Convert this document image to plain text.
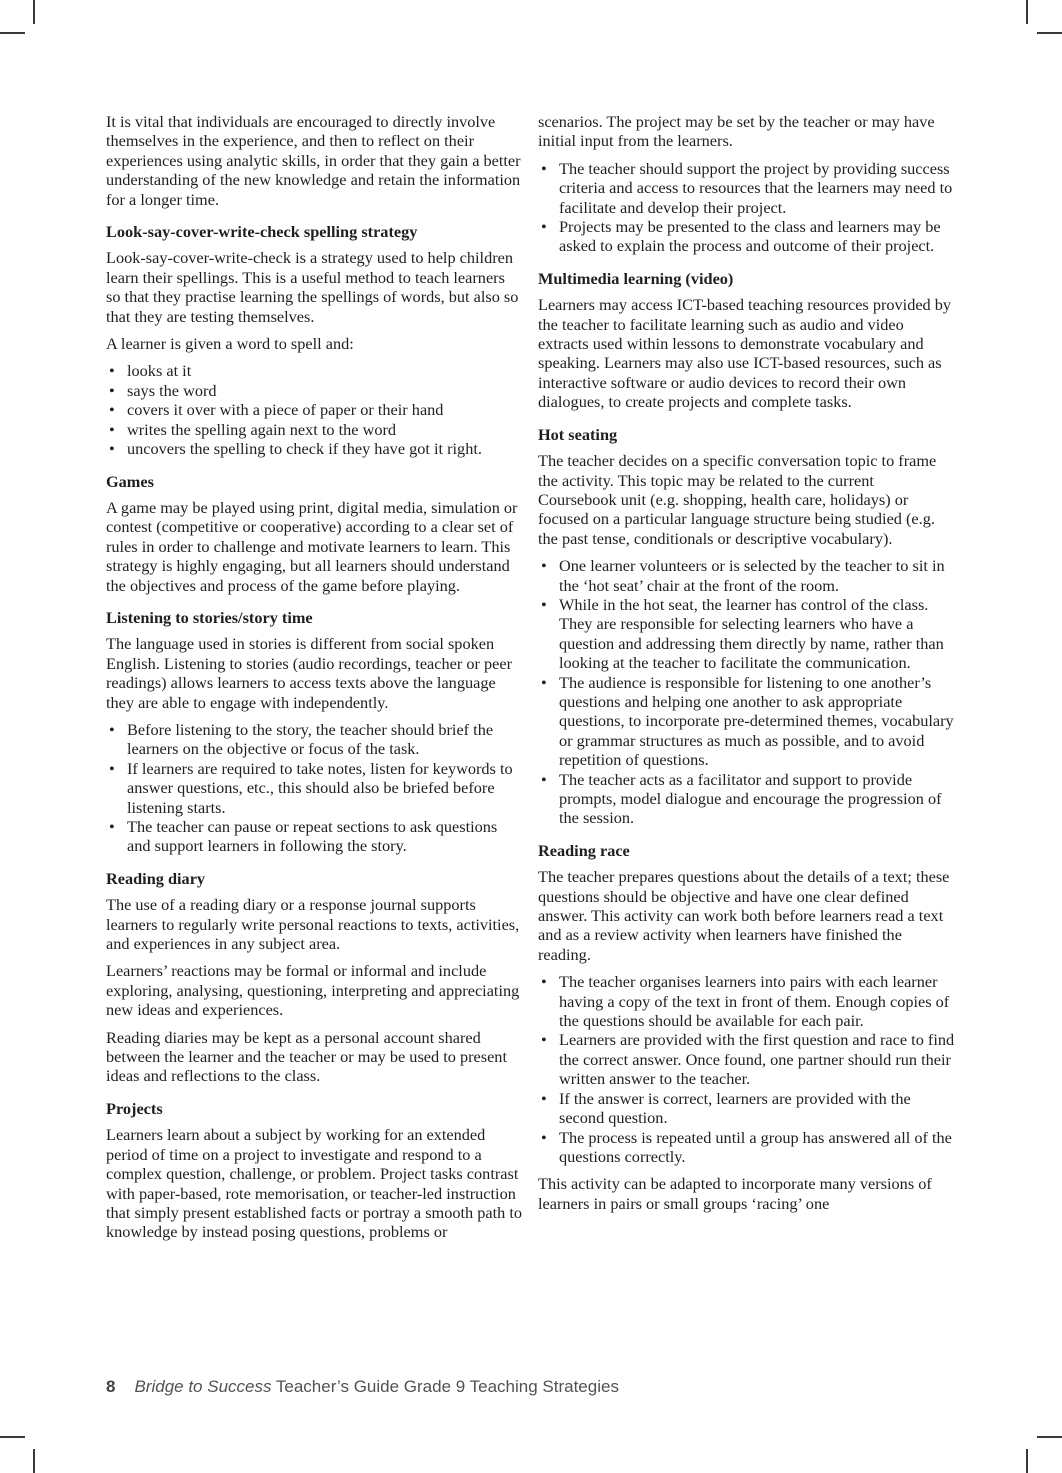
It is vital that individuals are encouraged to directly involve themselves in the experience, and then to reflect on their experiences using analytic skills, in order that they gain a better understanding of the new knowledge and retain the information for a longer time.

Look-say-cover-write-check spelling strategy

Look-say-cover-write-check is a strategy used to help children learn their spellings. This is a useful method to teach learners so that they practise learning the spellings of words, but also so that they are testing themselves.

A learner is given a word to spell and:

• looks at it
• says the word
• covers it over with a piece of paper or their hand
• writes the spelling again next to the word
• uncovers the spelling to check if they have got it right.
Games

A game may be played using print, digital media, simulation or contest (competitive or cooperative) according to a clear set of rules in order to challenge and motivate learners to learn. This strategy is highly engaging, but all learners should understand the objectives and process of the game before playing.

Listening to stories/story time

The language used in stories is different from social spoken English. Listening to stories (audio recordings, teacher or peer readings) allows learners to access texts above the language they are able to engage with independently.

• Before listening to the story, the teacher should brief the learners on the objective or focus of the task.
• If learners are required to take notes, listen for keywords to answer questions, etc., this should also be briefed before listening starts.
• The teacher can pause or repeat sections to ask questions and support learners in following the story.
Reading diary

The use of a reading diary or a response journal supports learners to regularly write personal reactions to texts, activities, and experiences in any subject area.

Learners’ reactions may be formal or informal and include exploring, analysing, questioning, interpreting and appreciating new ideas and experiences.

Reading diaries may be kept as a personal account shared between the learner and the teacher or may be used to present ideas and reflections to the class.

Projects

Learners learn about a subject by working for an extended period of time on a project to investigate and respond to a complex question, challenge, or problem. Project tasks contrast with paper-based, rote memorisation, or teacher-led instruction that simply present established facts or portray a smooth path to knowledge by instead posing questions, problems or

scenarios. The project may be set by the teacher or may have initial input from the learners.

• The teacher should support the project by providing success criteria and access to resources that the learners may need to facilitate and develop their project.
• Projects may be presented to the class and learners may be asked to explain the process and outcome of their project.
Multimedia learning (video)

Learners may access ICT-based teaching resources provided by the teacher to facilitate learning such as audio and video extracts used within lessons to demonstrate vocabulary and speaking. Learners may also use ICT-based resources, such as interactive software or audio devices to record their own dialogues, to create projects and complete tasks.

Hot seating

The teacher decides on a specific conversation topic to frame the activity. This topic may be related to the current Coursebook unit (e.g. shopping, health care, holidays) or focused on a particular language structure being studied (e.g. the past tense, conditionals or descriptive vocabulary).

• One learner volunteers or is selected by the teacher to sit in the ‘hot seat’ chair at the front of the room.
• While in the hot seat, the learner has control of the class. They are responsible for selecting learners who have a question and addressing them directly by name, rather than looking at the teacher to facilitate the communication.
• The audience is responsible for listening to one another’s questions and helping one another to ask appropriate questions, to incorporate pre-determined themes, vocabulary or grammar structures as much as possible, and to avoid repetition of questions.
• The teacher acts as a facilitator and support to provide prompts, model dialogue and encourage the progression of the session.
Reading race

The teacher prepares questions about the details of a text; these questions should be objective and have one clear defined answer. This activity can work both before learners read a text and as a review activity when learners have finished the reading.

• The teacher organises learners into pairs with each learner having a copy of the text in front of them. Enough copies of the questions should be available for each pair.
• Learners are provided with the first question and race to find the correct answer. Once found, one partner should run their written answer to the teacher.
• If the answer is correct, learners are provided with the second question.
• The process is repeated until a group has answered all of the questions correctly.

This activity can be adapted to incorporate many versions of learners in pairs or small groups ‘racing’ one

8 Bridge to Success Teacher’s Guide Grade 9 Teaching Strategies
